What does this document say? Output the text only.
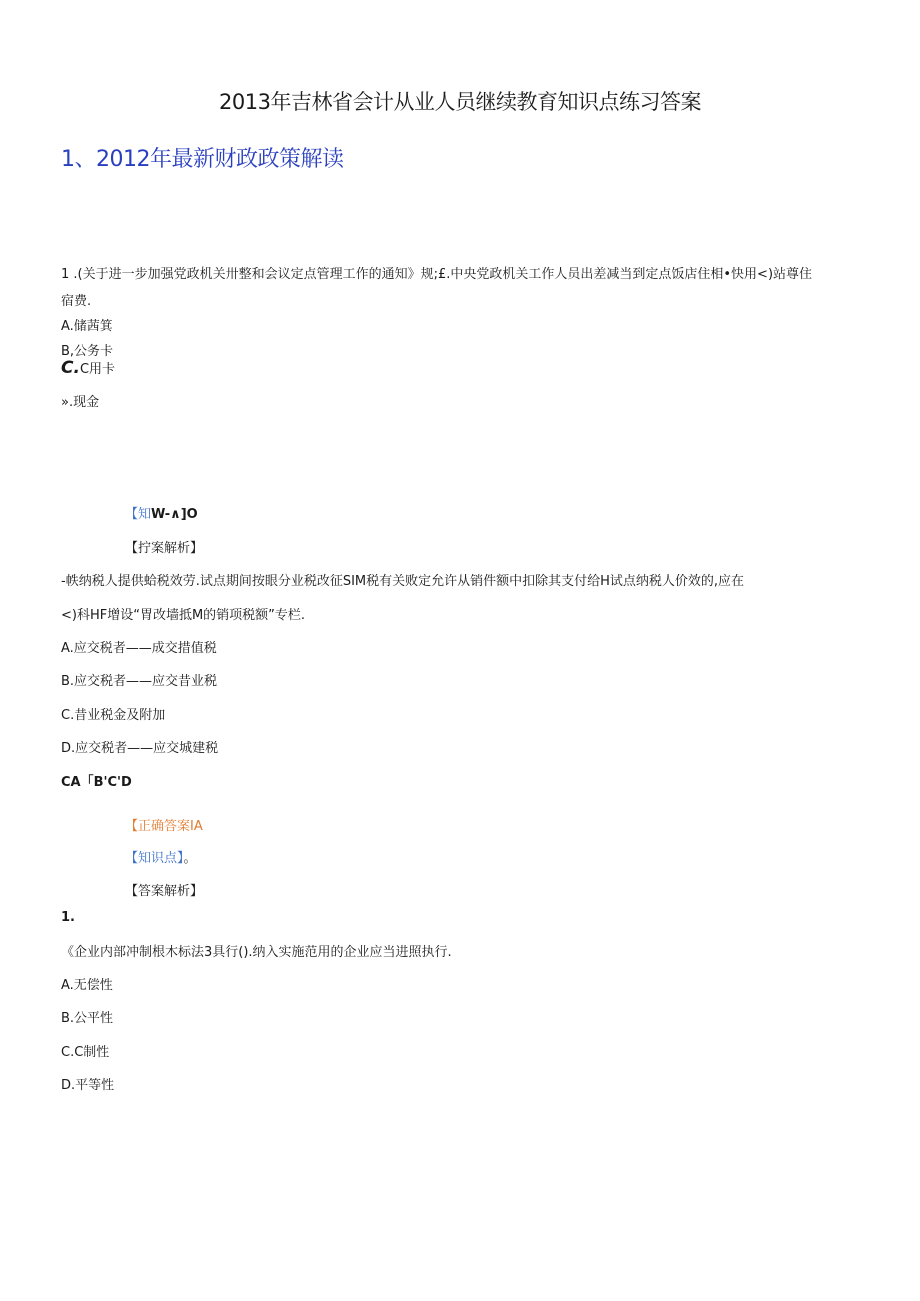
2013年吉林省会计从业人员继续教育知识点练习答案
1、2012年最新财政政策解读
1 .(关于进一步加强党政机关卅整和会议定点管理工作的通知》规;£.中央党政机关工作人员出差减当到定点饭店住相•快用<)站尊住
宿费.
A.储茜箕
B,公务卡
C.C用卡
».现金
【知W-∧]O
【拧案解析】
-帙纳税人提供蛤税效劳.试点期间按眼分业税改征SIM税有关败定允许从销件额中扣除其支付给H试点纳税人价效的,应在
<)科HF增设“胃改墙抵M的销项税额”专栏.
A.应交税者——成交措值税
B.应交税者——应交昔业税
C.昔业税金及附加
D.应交税者——应交城建税
CA「B'C'D
【正确答案IA
【知识点】。
【答案解析】
1.
《企业内部冲制根木标法3具行().纳入实施范用的企业应当进照执行.
A.无偿性
B.公平性
C.C制性
D.平等性
